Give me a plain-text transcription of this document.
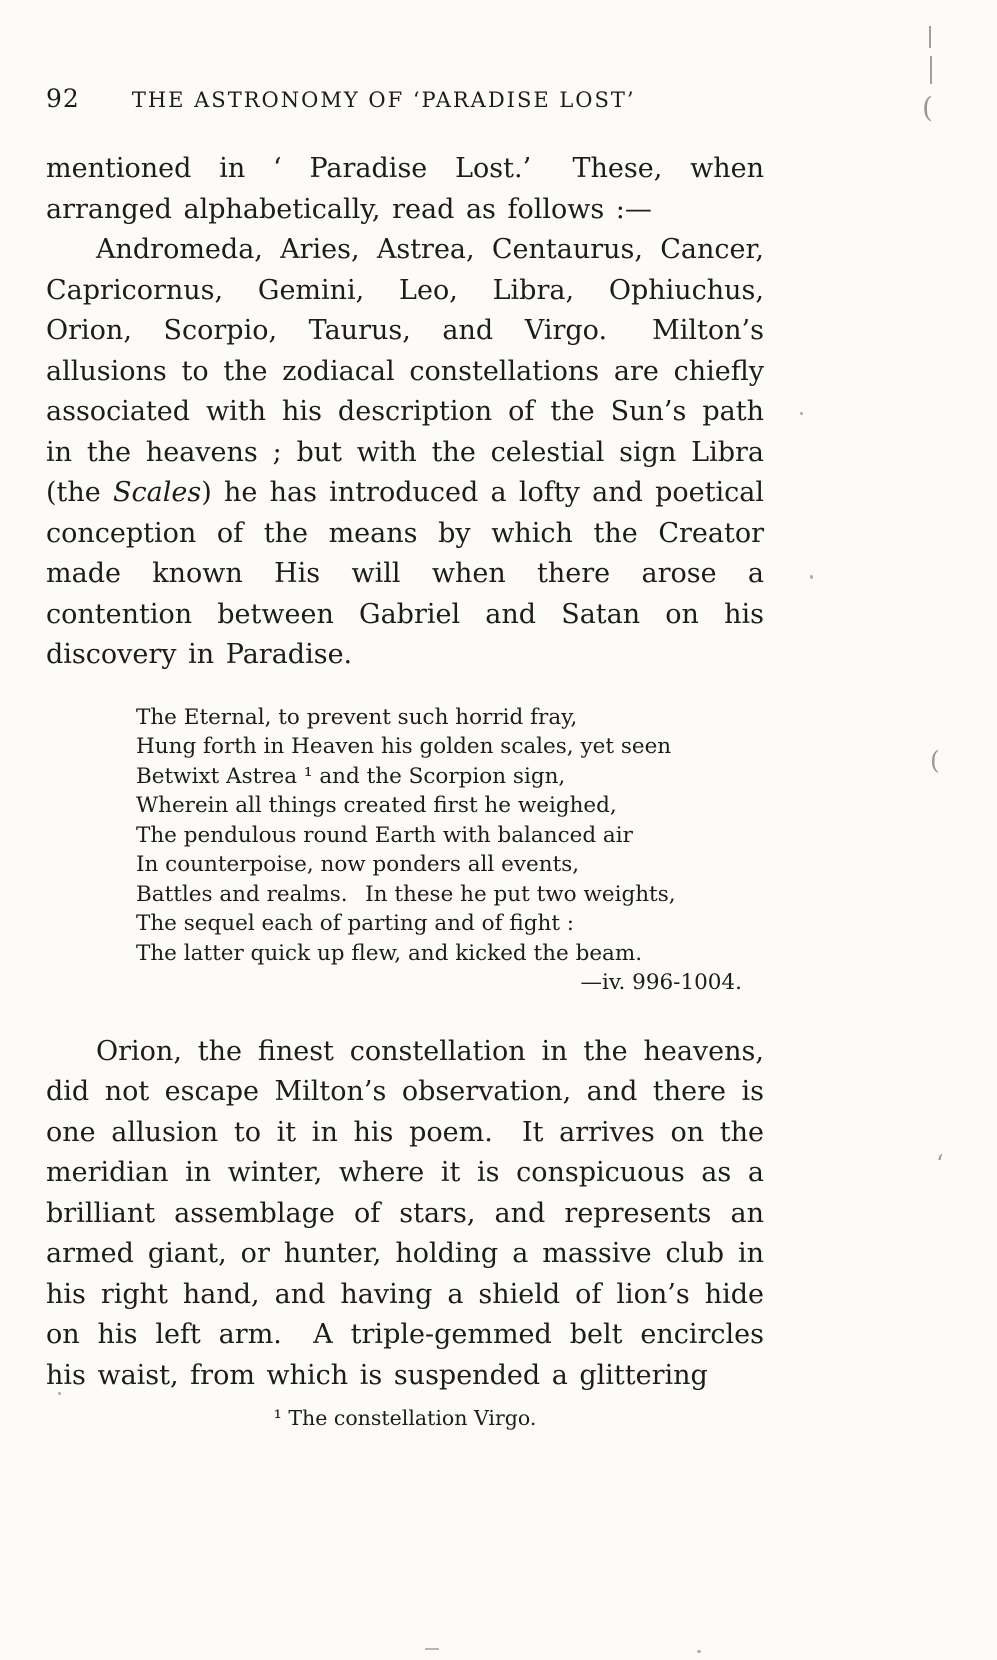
92 THE ASTRONOMY OF ‘PARADISE LOST’

mentioned in ‘ Paradise Lost.’  These, when arranged alphabetically, read as follows :—

Andromeda, Aries, Astrea, Centaurus, Cancer, Capricornus, Gemini, Leo, Libra, Ophiuchus, Orion, Scorpio, Taurus, and Virgo.  Milton’s allusions to the zodiacal constellations are chiefly associated with his description of the Sun’s path in the heavens ; but with the celestial sign Libra (the Scales) he has introduced a lofty and poetical conception of the means by which the Creator made known His will when there arose a contention between Gabriel and Satan on his discovery in Paradise.

The Eternal, to prevent such horrid fray,
Hung forth in Heaven his golden scales, yet seen
Betwixt Astrea ¹ and the Scorpion sign,
Wherein all things created first he weighed,
The pendulous round Earth with balanced air
In counterpoise, now ponders all events,
Battles and realms.  In these he put two weights,
The sequel each of parting and of fight :
The latter quick up flew, and kicked the beam.
—iv. 996-1004.

Orion, the finest constellation in the heavens, did not escape Milton’s observation, and there is one allusion to it in his poem.  It arrives on the meridian in winter, where it is conspicuous as a brilliant assemblage of stars, and represents an armed giant, or hunter, holding a massive club in his right hand, and having a shield of lion’s hide on his left arm.  A triple-gemmed belt encircles his waist, from which is suspended a glittering

¹ The constellation Virgo.
(
(
‘
